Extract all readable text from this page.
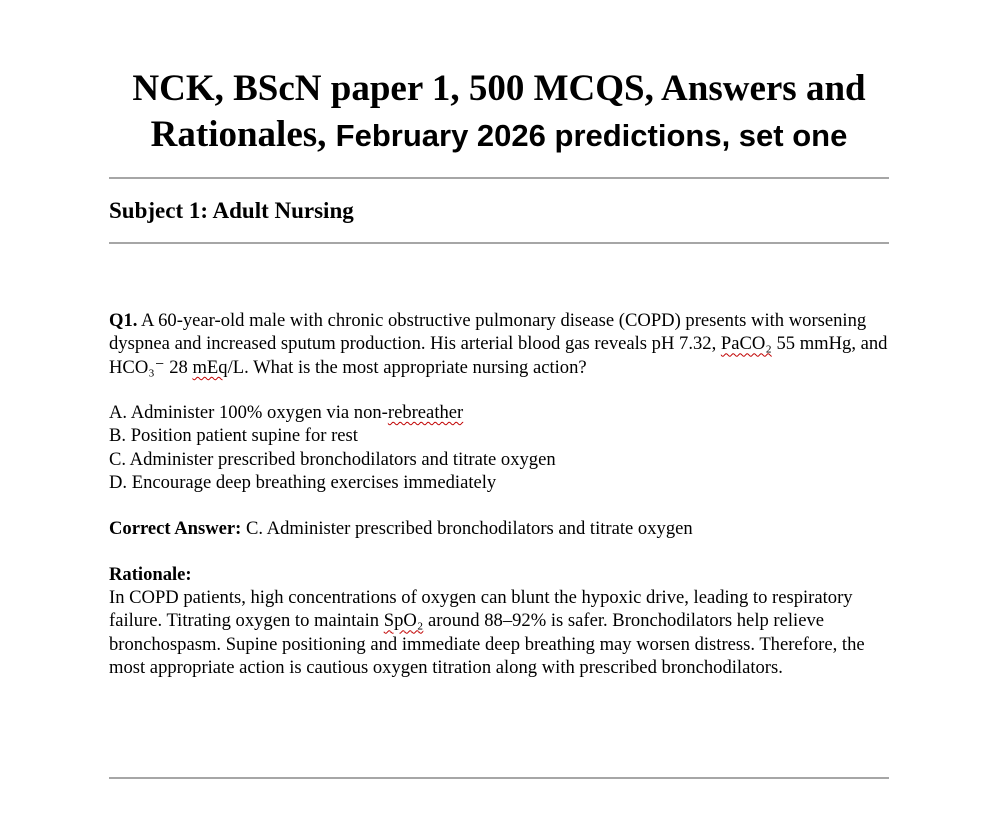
NCK, BScN paper 1, 500 MCQS, Answers and
Rationales, February 2026 predictions, set one
Subject 1: Adult Nursing

Q1. A 60-year-old male with chronic obstructive pulmonary disease (COPD) presents with worsening dyspnea and increased sputum production. His arterial blood gas reveals pH 7.32, PaCO₂ 55 mmHg, and HCO₃⁻ 28 mEq/L. What is the most appropriate nursing action?

A. Administer 100% oxygen via non-rebreather
B. Position patient supine for rest
C. Administer prescribed bronchodilators and titrate oxygen
D. Encourage deep breathing exercises immediately

Correct Answer: C. Administer prescribed bronchodilators and titrate oxygen

Rationale:

In COPD patients, high concentrations of oxygen can blunt the hypoxic drive, leading to respiratory failure. Titrating oxygen to maintain SpO₂ around 88–92% is safer. Bronchodilators help relieve bronchospasm. Supine positioning and immediate deep breathing may worsen distress. Therefore, the most appropriate action is cautious oxygen titration along with prescribed bronchodilators.
